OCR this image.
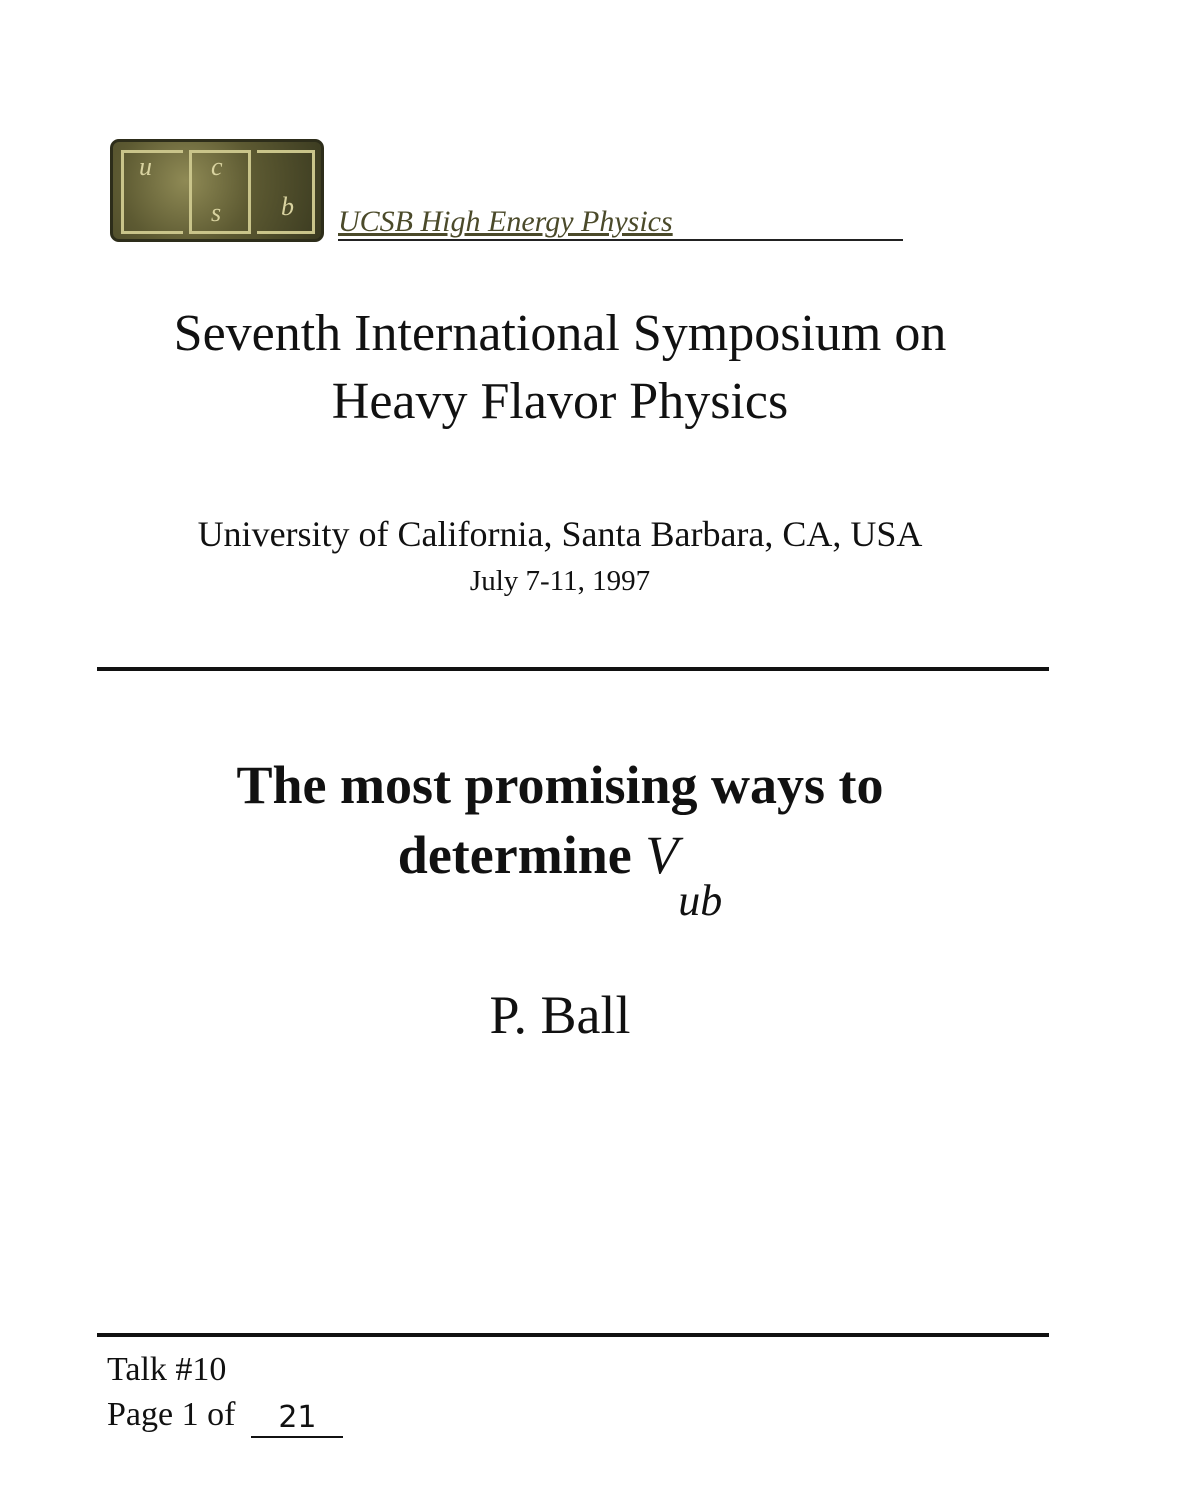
u c
s b UCSB High Energy Physics
Seventh International Symposium on
Heavy Flavor Physics
University of California, Santa Barbara, CA, USA
July 7-11, 1997
The most promising ways to
determine $V_{ub}$
P. Ball
Talk #10
Page 1 of 21
